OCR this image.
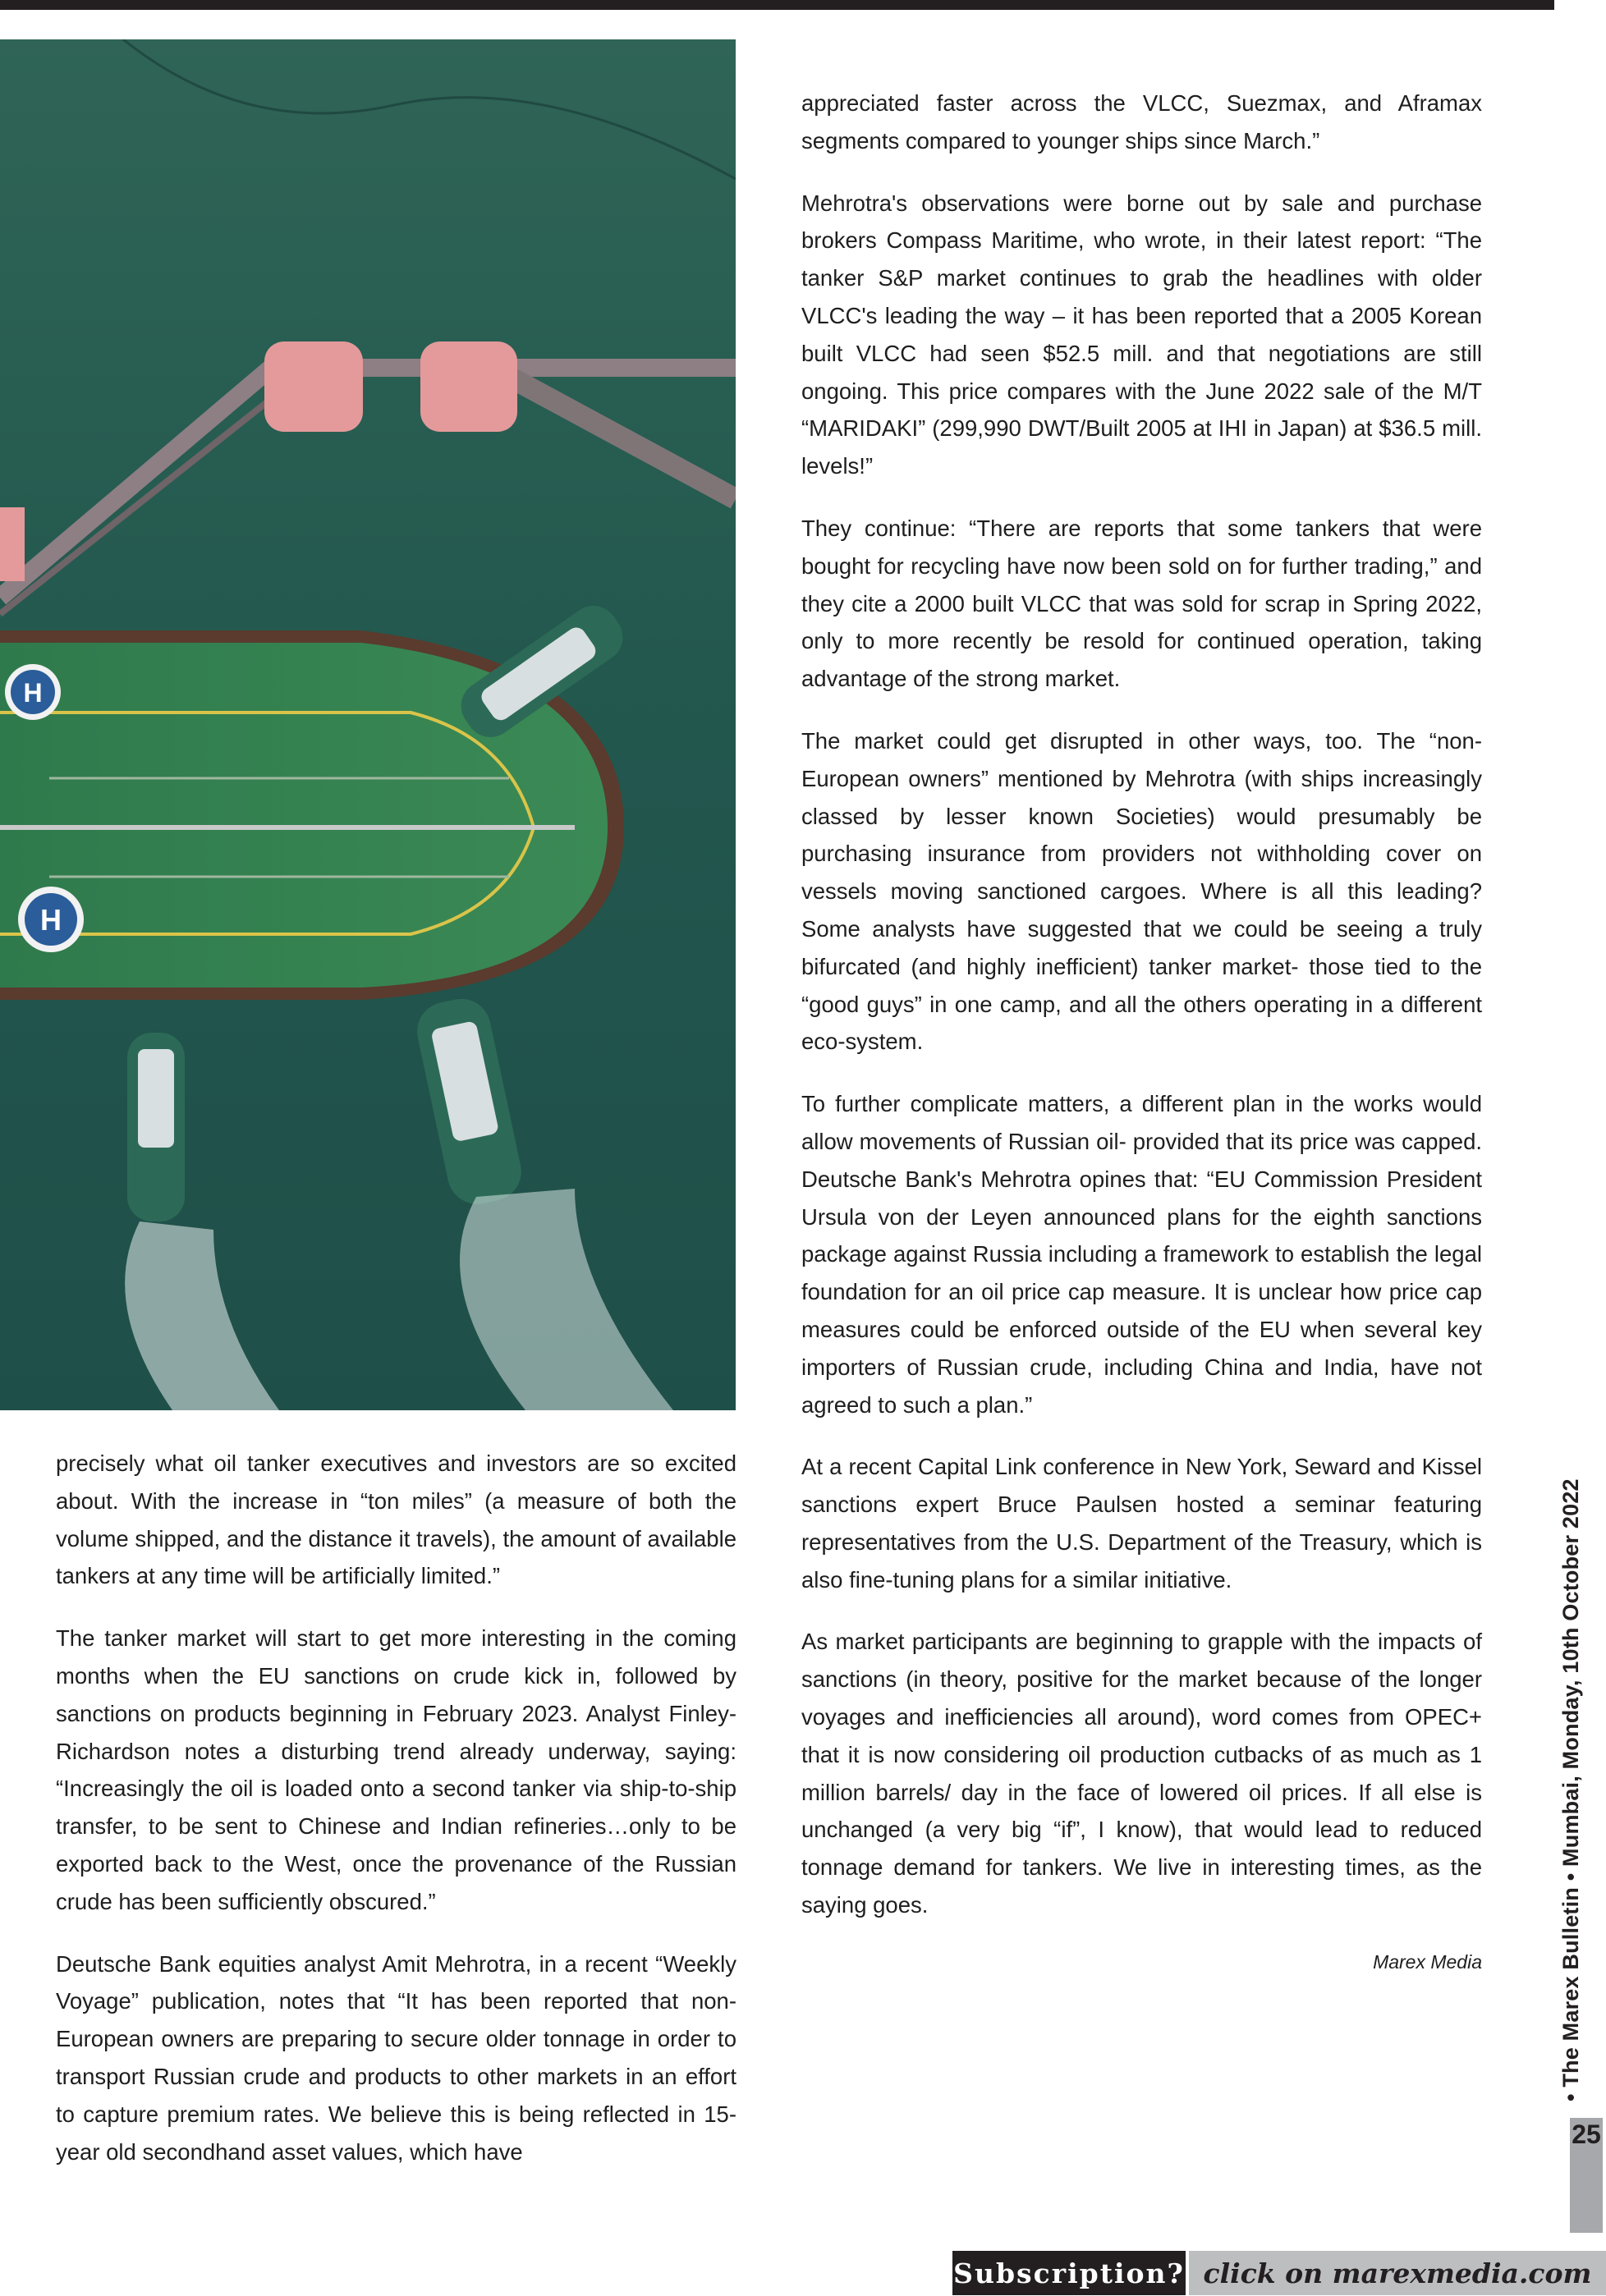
H
H

precisely what oil tanker executives and investors are so excited about. With the increase in “ton miles” (a measure of both the volume shipped, and the distance it travels), the amount of available tankers at any time will be artificially limited.”

The tanker market will start to get more interesting in the coming months when the EU sanctions on crude kick in, followed by sanctions on products beginning in February 2023. Analyst Finley-Richardson notes a disturbing trend already underway, saying: “Increasingly the oil is loaded onto a second tanker via ship-to-ship transfer, to be sent to Chinese and Indian refineries…only to be exported back to the West, once the provenance of the Russian crude has been sufficiently obscured.”

Deutsche Bank equities analyst Amit Mehrotra, in a recent “Weekly Voyage” publication, notes that “It has been reported that non-European owners are preparing to secure older tonnage in order to transport Russian crude and products to other markets in an effort to capture premium rates. We believe this is being reflected in 15-year old secondhand asset values, which have

appreciated faster across the VLCC, Suezmax, and Aframax segments compared to younger ships since March.”

Mehrotra's observations were borne out by sale and purchase brokers Compass Maritime, who wrote, in their latest report: “The tanker S&P market continues to grab the headlines with older VLCC's leading the way – it has been reported that a 2005 Korean built VLCC had seen $52.5 mill. and that negotiations are still ongoing. This price compares with the June 2022 sale of the M/T “MARIDAKI” (299,990 DWT/Built 2005 at IHI in Japan) at $36.5 mill. levels!”

They continue: “There are reports that some tankers that were bought for recycling have now been sold on for further trading,” and they cite a 2000 built VLCC that was sold for scrap in Spring 2022, only to more recently be resold for continued operation, taking advantage of the strong market.

The market could get disrupted in other ways, too. The “non-European owners” mentioned by Mehrotra (with ships increasingly classed by lesser known Societies) would presumably be purchasing insurance from providers not withholding cover on vessels moving sanctioned cargoes. Where is all this leading? Some analysts have suggested that we could be seeing a truly bifurcated (and highly inefficient) tanker market- those tied to the “good guys” in one camp, and all the others operating in a different eco-system.

To further complicate matters, a different plan in the works would allow movements of Russian oil- provided that its price was capped. Deutsche Bank's Mehrotra opines that: “EU Commission President Ursula von der Leyen announced plans for the eighth sanctions package against Russia including a framework to establish the legal foundation for an oil price cap measure. It is unclear how price cap measures could be enforced outside of the EU when several key importers of Russian crude, including China and India, have not agreed to such a plan.”

At a recent Capital Link conference in New York, Seward and Kissel sanctions expert Bruce Paulsen hosted a seminar featuring representatives from the U.S. Department of the Treasury, which is also fine-tuning plans for a similar initiative.

As market participants are beginning to grapple with the impacts of sanctions (in theory, positive for the market because of the longer voyages and inefficiencies all around), word comes from OPEC+ that it is now considering oil production cutbacks of as much as 1 million barrels/ day in the face of lowered oil prices. If all else is unchanged (a very big “if”, I know), that would lead to reduced tonnage demand for tankers. We live in interesting times, as the saying goes.

Marex Media	• The Marex Bulletin • Mumbai, Monday, 10th October 2022
25
Subscription? click on marexmedia.com
